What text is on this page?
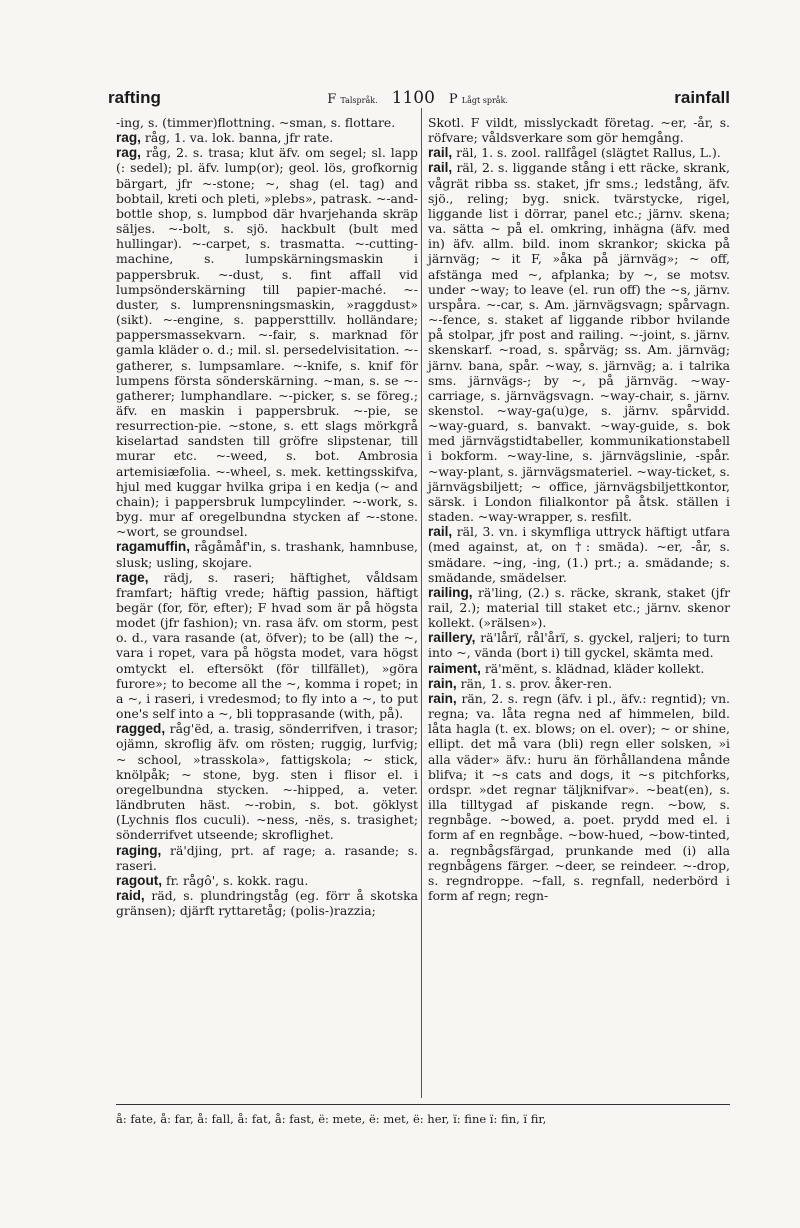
rafting	F Talspråk. 1100 P Lågt språk.	rainfall

-ing, s. (timmer)flottning. ~sman, s. flottare.

rag, råg, 1. va. lok. banna, jfr rate.

rag, råg, 2. s. trasa; klut äfv. om segel; sl. lapp (: sedel); pl. äfv. lump(or); geol. lös, grofkornig bärgart, jfr ~-stone; ~, shag (el. tag) and bobtail, kreti och pleti, »plebs», patrask. ~-and-bottle shop, s. lumpbod där hvarjehanda skräp säljes. ~-bolt, s. sjö. hackbult (bult med hullingar). ~-carpet, s. trasmatta. ~-cutting-machine, s. lumpskärningsmaskin i pappersbruk. ~-dust, s. fint affall vid lumpsönderskärning till papier-maché. ~-duster, s. lumprensningsmaskin, »raggdust» (sikt). ~-engine, s. pappersttillv. holländare; pappersmassekvarn. ~-fair, s. marknad för gamla kläder o. d.; mil. sl. persedelvisitation. ~-gatherer, s. lumpsamlare. ~-knife, s. knif för lumpens första sönderskärning. ~man, s. se ~-gatherer; lumphandlare. ~-picker, s. se föreg.; äfv. en maskin i pappersbruk. ~-pie, se resurrection-pie. ~stone, s. ett slags mörkgrå kiselartad sandsten till gröfre slipstenar, till murar etc. ~-weed, s. bot. Ambrosia artemisiæfolia. ~-wheel, s. mek. kettingsskifva, hjul med kuggar hvilka gripa i en kedja (~ and chain); i pappersbruk lumpcylinder. ~-work, s. byg. mur af oregelbundna stycken af ~-stone. ~wort, se groundsel.

ragamuffin, rågåmåf'in, s. trashank, hamnbuse, slusk; usling, skojare.

rage, rädj, s. raseri; häftighet, våldsam framfart; häftig vrede; häftig passion, häftigt begär (for, för, efter); F hvad som är på högsta modet (jfr fashion); vn. rasa äfv. om storm, pest o. d., vara rasande (at, öfver); to be (all) the ~, vara i ropet, vara på högsta modet, vara högst omtyckt el. eftersökt (för tillfället), »göra furore»; to become all the ~, komma i ropet; in a ~, i raseri, i vredesmod; to fly into a ~, to put one's self into a ~, bli topprasande (with, på).

ragged, råg'ëd, a. trasig, sönderrifven, i trasor; ojämn, skroflig äfv. om rösten; ruggig, lurfvig; ~ school, »trasskola», fattigskola; ~ stick, knölpåk; ~ stone, byg. sten i flisor el. i oregelbundna stycken. ~-hipped, a. veter. ländbruten häst. ~-robin, s. bot. göklyst (Lychnis flos cuculi). ~ness, -nës, s. trasighet; sönderrifvet utseende; skroflighet.

raging, rä'djing, prt. af rage; a. rasande; s. raseri.

ragout, fr. rågô', s. kokk. ragu.

raid, räd, s. plundringståg (eg. förr å skotska gränsen); djärft ryttaretåg; (polis-)razzia;

Skotl. F vildt, misslyckadt företag. ~er, -år, s. röfvare; våldsverkare som gör hemgång.

rail, räl, 1. s. zool. rallfågel (slägtet Rallus, L.).

rail, räl, 2. s. liggande stång i ett räcke, skrank, vågrät ribba ss. staket, jfr sms.; ledstång, äfv. sjö., reling; byg. snick. tvärstycke, rigel, liggande list i dörrar, panel etc.; järnv. skena; va. sätta ~ på el. omkring, inhägna (äfv. med in) äfv. allm. bild. inom skrankor; skicka på järnväg; ~ it F, »åka på järnväg»; ~ off, afstänga med ~, afplanka; by ~, se motsv. under ~way; to leave (el. run off) the ~s, järnv. urspåra. ~-car, s. Am. järnvägsvagn; spårvagn. ~-fence, s. staket af liggande ribbor hvilande på stolpar, jfr post and railing. ~-joint, s. järnv. skenskarf. ~road, s. spårväg; ss. Am. järnväg; järnv. bana, spår. ~way, s. järnväg; a. i talrika sms. järnvägs-; by ~, på järnväg. ~way-carriage, s. järnvägsvagn. ~way-chair, s. järnv. skenstol. ~way-ga(u)ge, s. järnv. spårvidd. ~way-guard, s. banvakt. ~way-guide, s. bok med järnvägstidtabeller, kommunikationstabell i bokform. ~way-line, s. järnvägslinie, -spår. ~way-plant, s. järnvägsmateriel. ~way-ticket, s. järnvägsbiljett; ~ office, järnvägsbiljettkontor, särsk. i London filialkontor på åtsk. ställen i staden. ~way-wrapper, s. resfilt.

rail, räl, 3. vn. i skymfliga uttryck häftigt utfara (med against, at, on †: smäda). ~er, -år, s. smädare. ~ing, -ing, (1.) prt.; a. smädande; s. smädande, smädelser.

railing, rä'ling, (2.) s. räcke, skrank, staket (jfr rail, 2.); material till staket etc.; järnv. skenor kollekt. (»rälsen»).

raillery, rä'lårï, rål'årï, s. gyckel, raljeri; to turn into ~, vända (bort i) till gyckel, skämta med.

raiment, rä'mënt, s. klädnad, kläder kollekt.

rain, rän, 1. s. prov. åker-ren.

rain, rän, 2. s. regn (äfv. i pl., äfv.: regntid); vn. regna; va. låta regna ned af himmelen, bild. låta hagla (t. ex. blows; on el. over); ~ or shine, ellipt. det må vara (bli) regn eller solsken, »i alla väder» äfv.: huru än förhållandena månde blifva; it ~s cats and dogs, it ~s pitchforks, ordspr. »det regnar täljknifvar». ~beat(en), s. illa tilltygad af piskande regn. ~bow, s. regnbåge. ~bowed, a. poet. prydd med el. i form af en regnbåge. ~bow-hued, ~bow-tinted, a. regnbågsfärgad, prunkande med (i) alla regnbågens färger. ~deer, se reindeer. ~-drop, s. regndroppe. ~fall, s. regnfall, nederbörd i form af regn; regn-

å: fate, å: far, å: fall, å: fat, å: fast, ë: mete, ë: met, ë: her, ï: fine ï: fin, ï fir,
